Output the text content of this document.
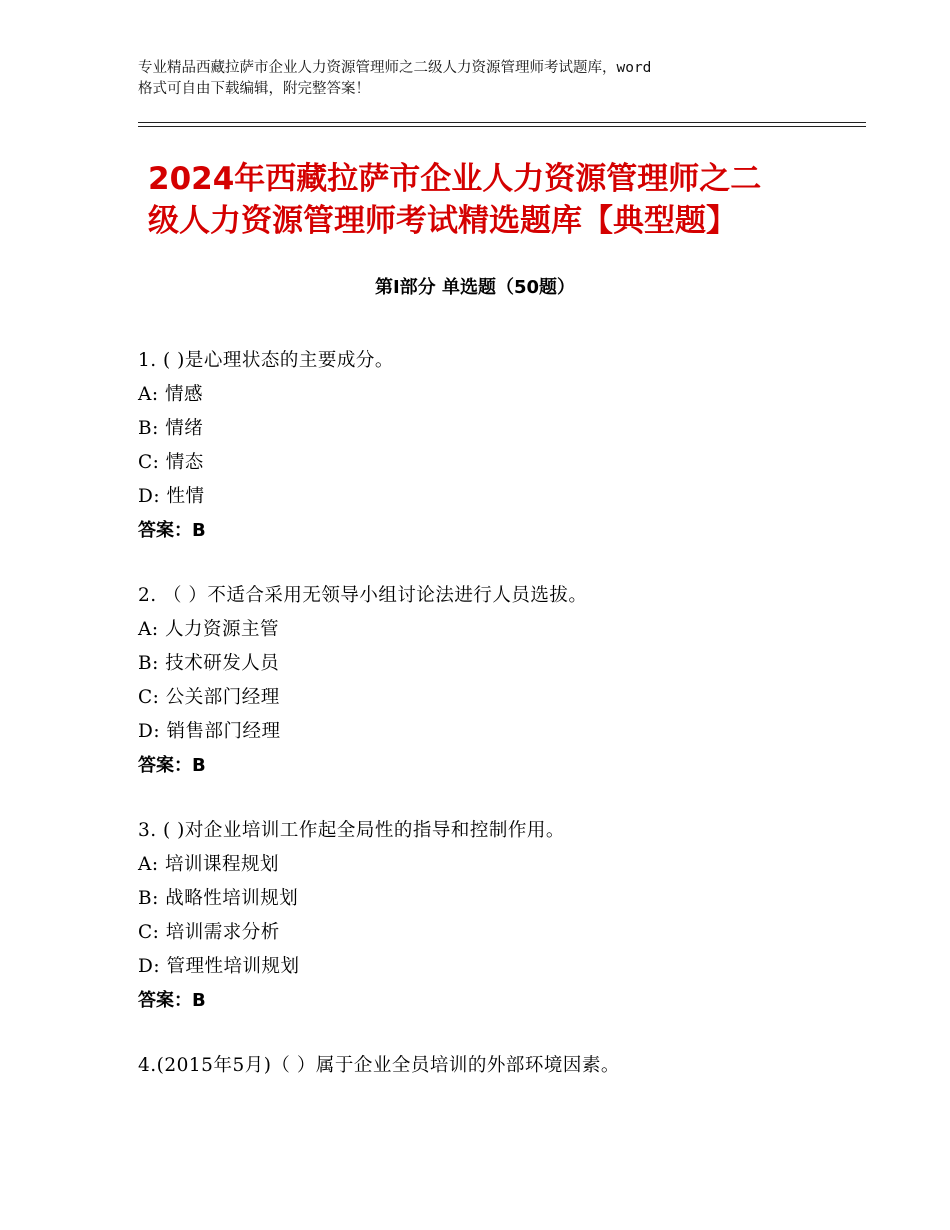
专业精品西藏拉萨市企业人力资源管理师之二级人力资源管理师考试题库，word
格式可自由下载编辑，附完整答案！
2024年西藏拉萨市企业人力资源管理师之二
级人力资源管理师考试精选题库【典型题】
第Ⅰ部分 单选题（50题）
1. ( )是心理状态的主要成分。
A: 情感
B: 情绪
C: 情态
D: 性情
答案：B
2. （ ）不适合采用无领导小组讨论法进行人员选拔。
A: 人力资源主管
B: 技术研发人员
C: 公关部门经理
D: 销售部门经理
答案：B
3. ( )对企业培训工作起全局性的指导和控制作用。
A: 培训课程规划
B: 战略性培训规划
C: 培训需求分析
D: 管理性培训规划
答案：B
4.(2015年5月)（ ）属于企业全员培训的外部环境因素。
